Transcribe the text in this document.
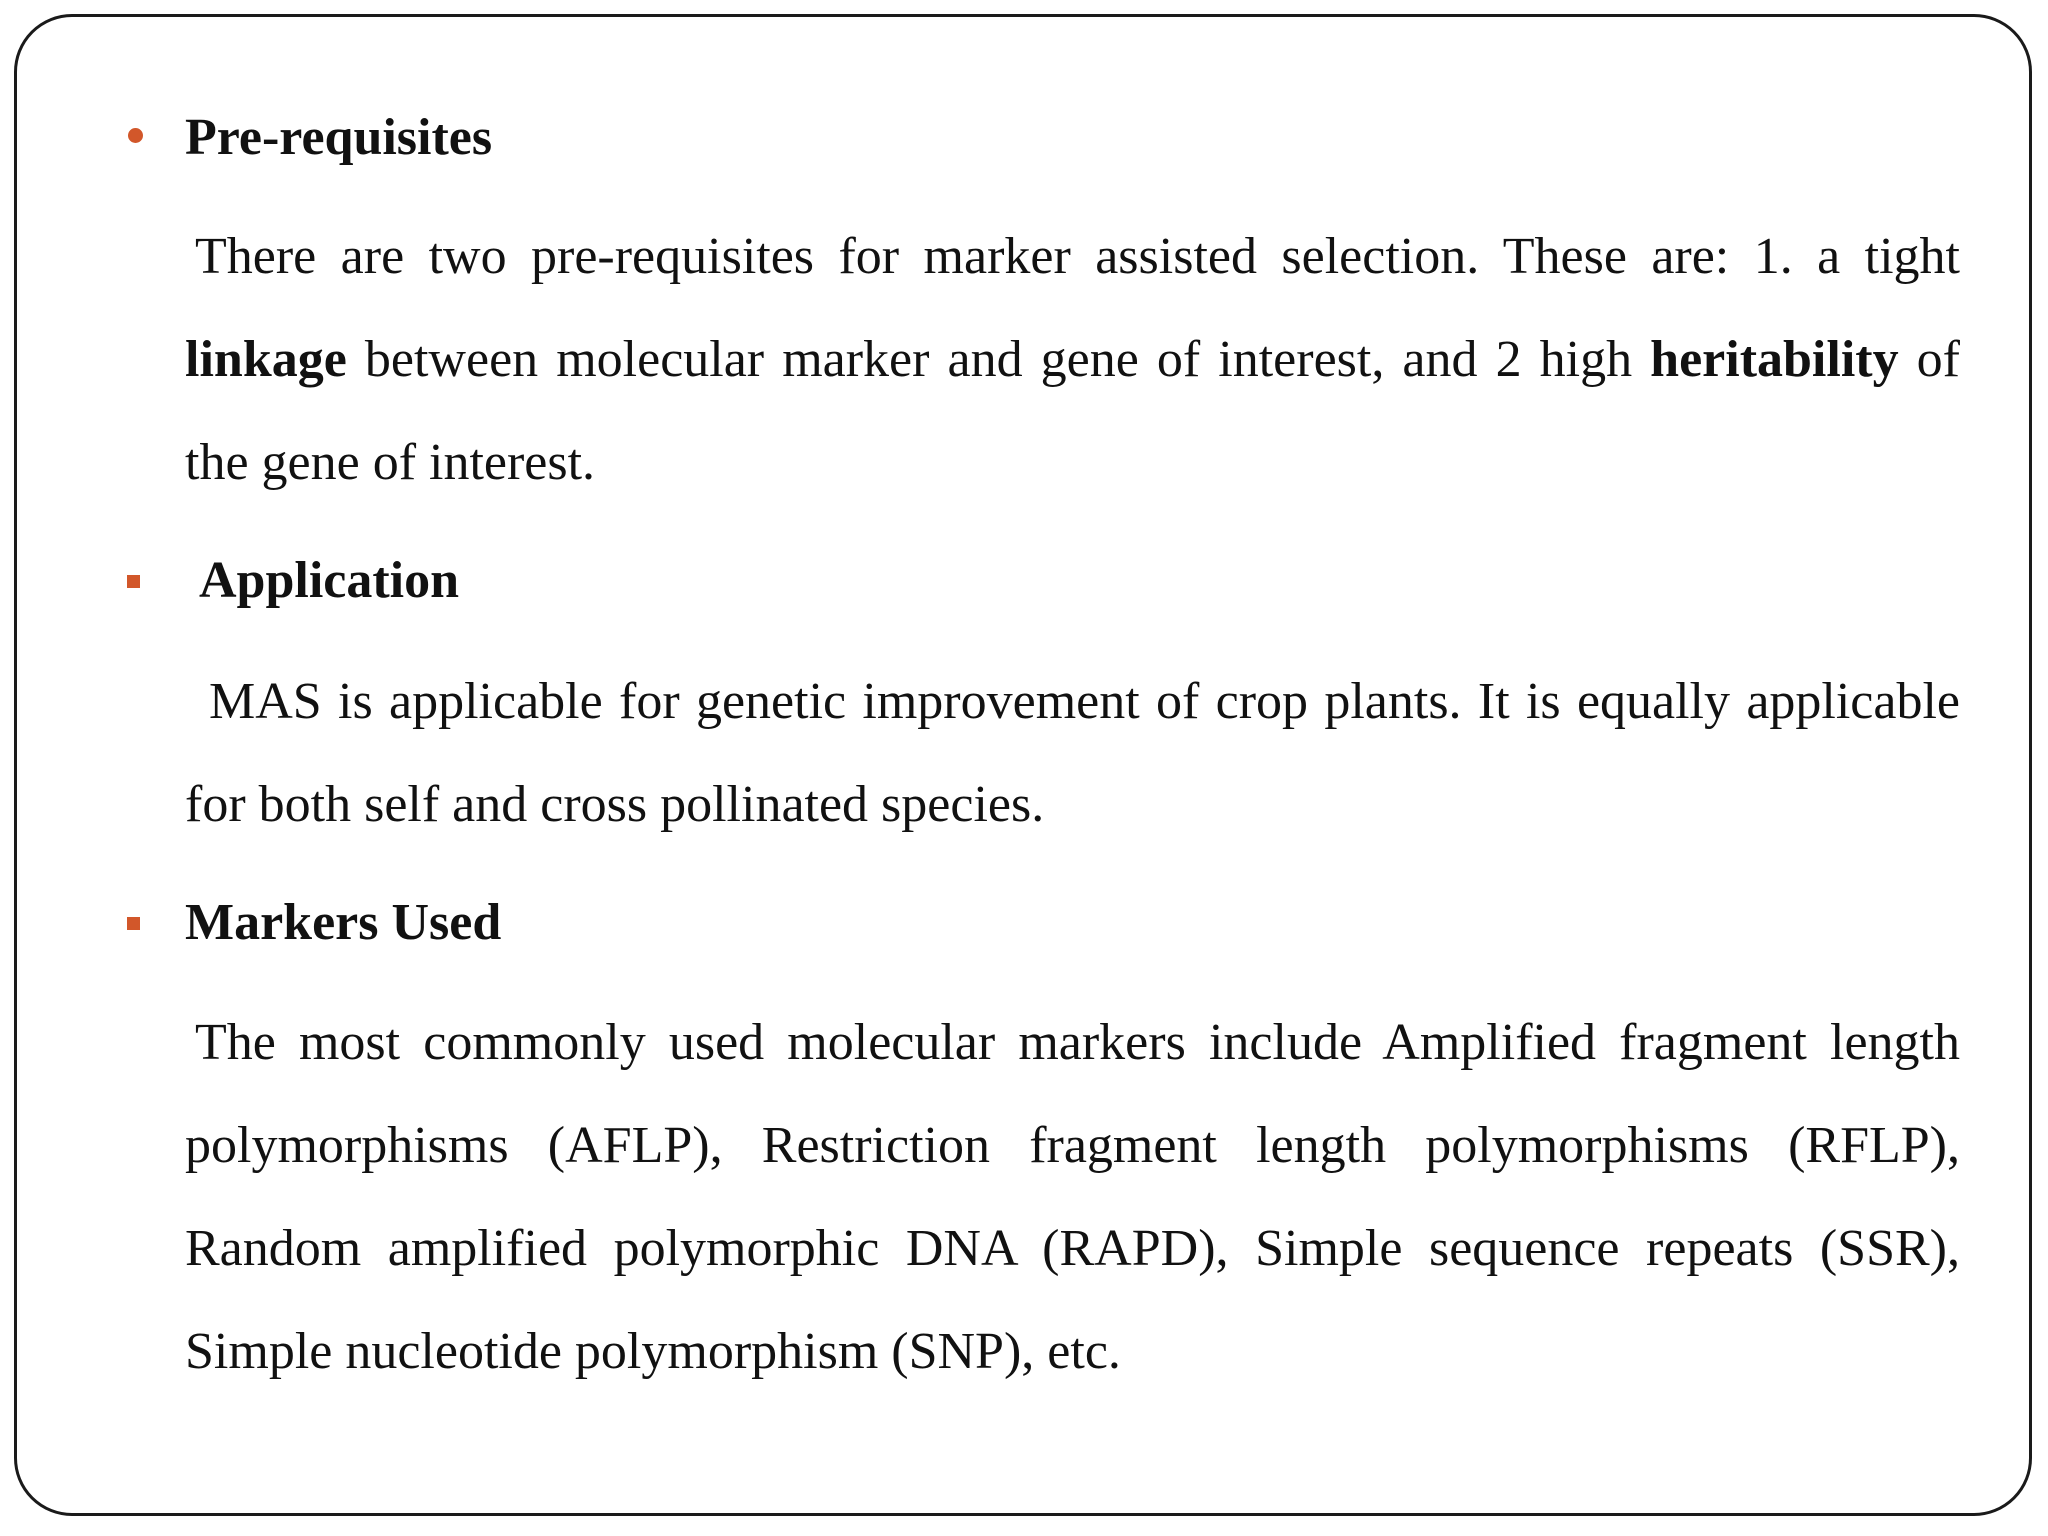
Pre-requisites

There are two pre-requisites for marker assisted selection. These are: 1. a tight linkage between molecular marker and gene of interest, and 2 high heritability of the gene of interest.

Application

MAS is applicable for genetic improvement of crop plants. It is equally applicable for both self and cross pollinated species.

Markers Used

The most commonly used molecular markers include Amplified fragment length polymorphisms (AFLP), Restriction fragment length polymorphisms (RFLP), Random amplified polymorphic DNA (RAPD), Simple sequence repeats (SSR), Simple nucleotide polymorphism (SNP), etc.
